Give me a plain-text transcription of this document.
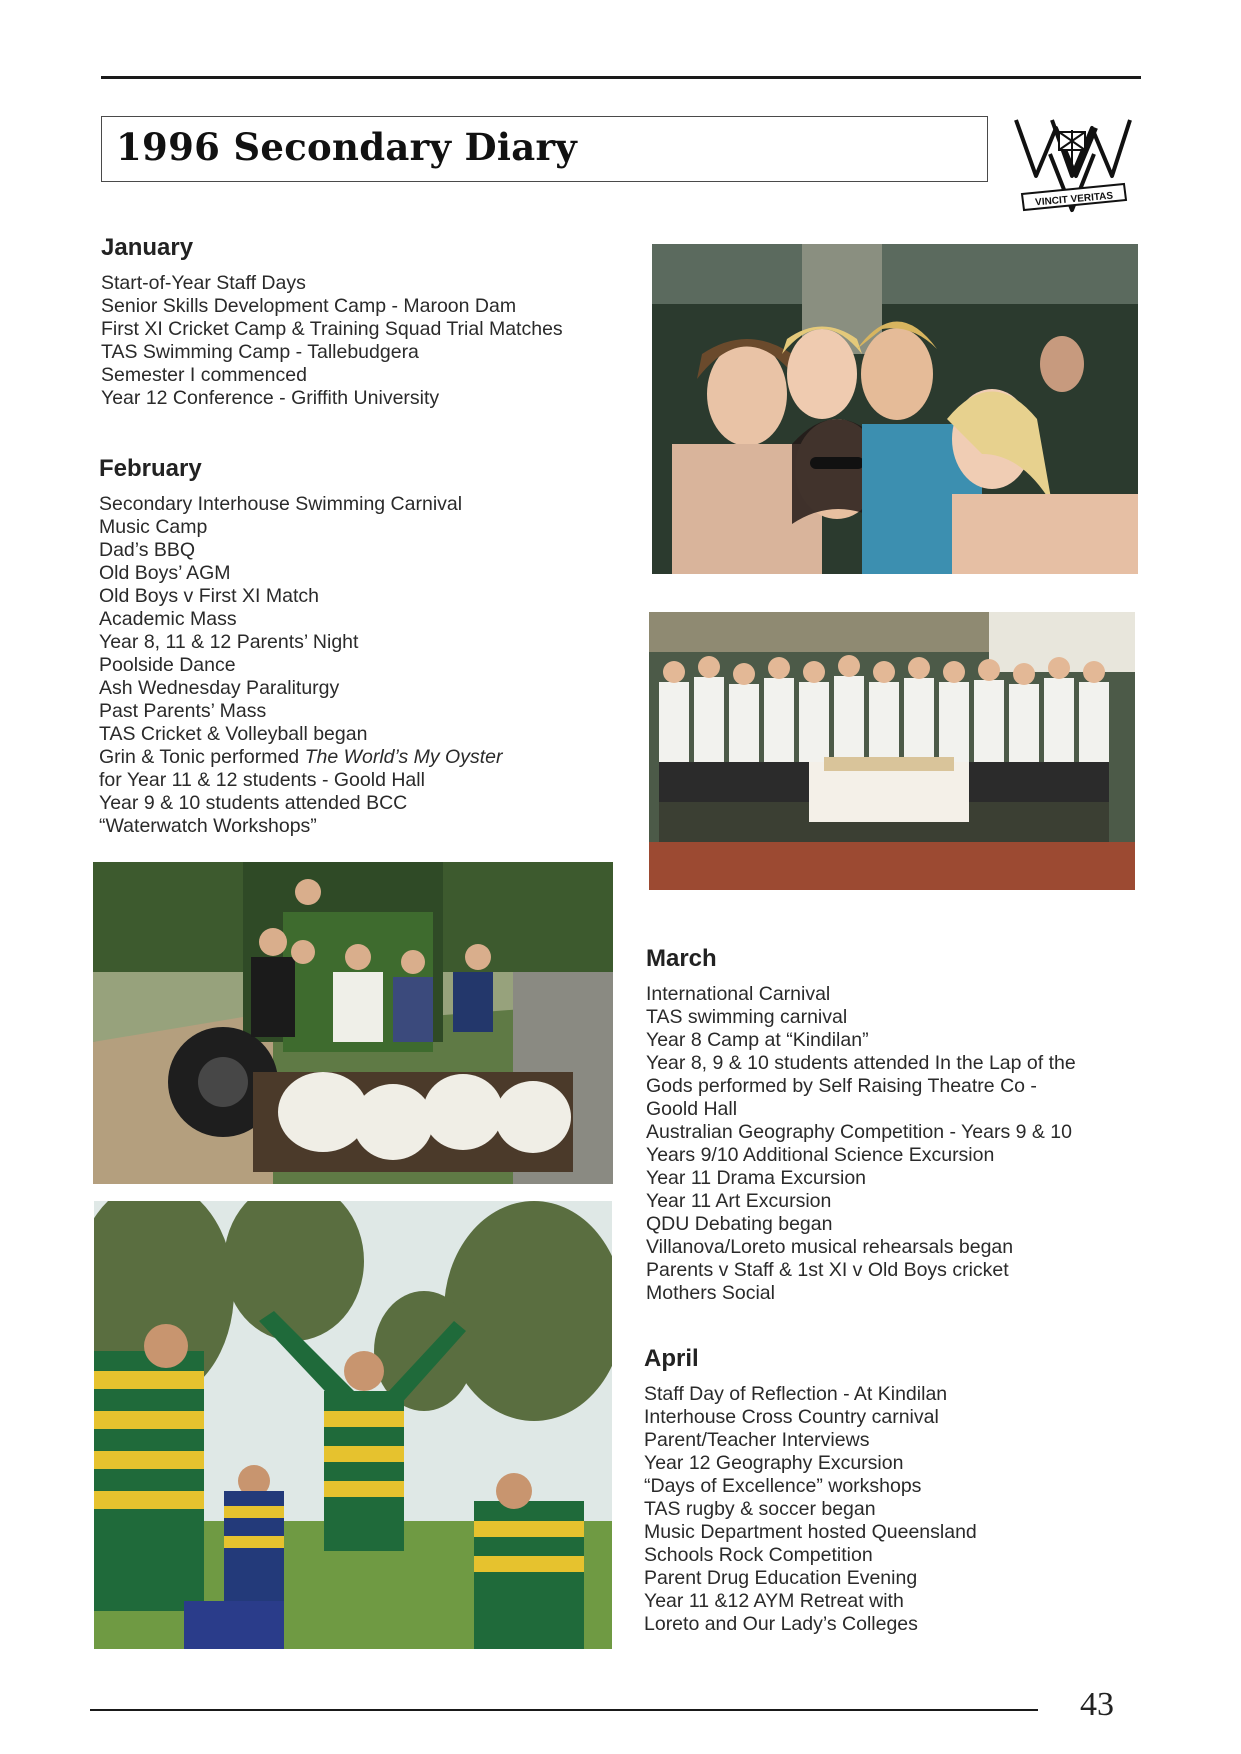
1996 Secondary Diary
VINCIT VERITAS
January
Start-of-Year Staff Days
Senior Skills Development Camp - Maroon Dam
First XI Cricket Camp & Training Squad Trial Matches
TAS Swimming Camp - Tallebudgera
Semester I commenced
Year 12 Conference - Griffith University
February
Secondary Interhouse Swimming Carnival
Music Camp
Dad’s BBQ
Old Boys’ AGM
Old Boys v First XI Match
Academic Mass
Year 8, 11 & 12 Parents’ Night
Poolside Dance
Ash Wednesday Paraliturgy
Past Parents’ Mass
TAS Cricket & Volleyball began
Grin & Tonic performed The World’s My Oyster
for Year 11 & 12 students - Goold Hall
Year 9 & 10 students attended BCC
“Waterwatch Workshops”
March
International Carnival
TAS swimming carnival
Year 8 Camp at “Kindilan”
Year 8, 9 & 10 students attended In the Lap of the
Gods performed by Self Raising Theatre Co -
Goold Hall
Australian Geography Competition - Years 9 & 10
Years 9/10 Additional Science Excursion
Year 11 Drama Excursion
Year 11 Art Excursion
QDU Debating began
Villanova/Loreto musical rehearsals began
Parents v Staff & 1st XI v Old Boys cricket
Mothers Social
April
Staff Day of Reflection - At Kindilan
Interhouse Cross Country carnival
Parent/Teacher Interviews
Year 12 Geography Excursion
“Days of Excellence” workshops
TAS rugby & soccer began
Music Department hosted Queensland
Schools Rock Competition
Parent Drug Education Evening
Year 11 &12 AYM Retreat with
Loreto and Our Lady’s Colleges
43
